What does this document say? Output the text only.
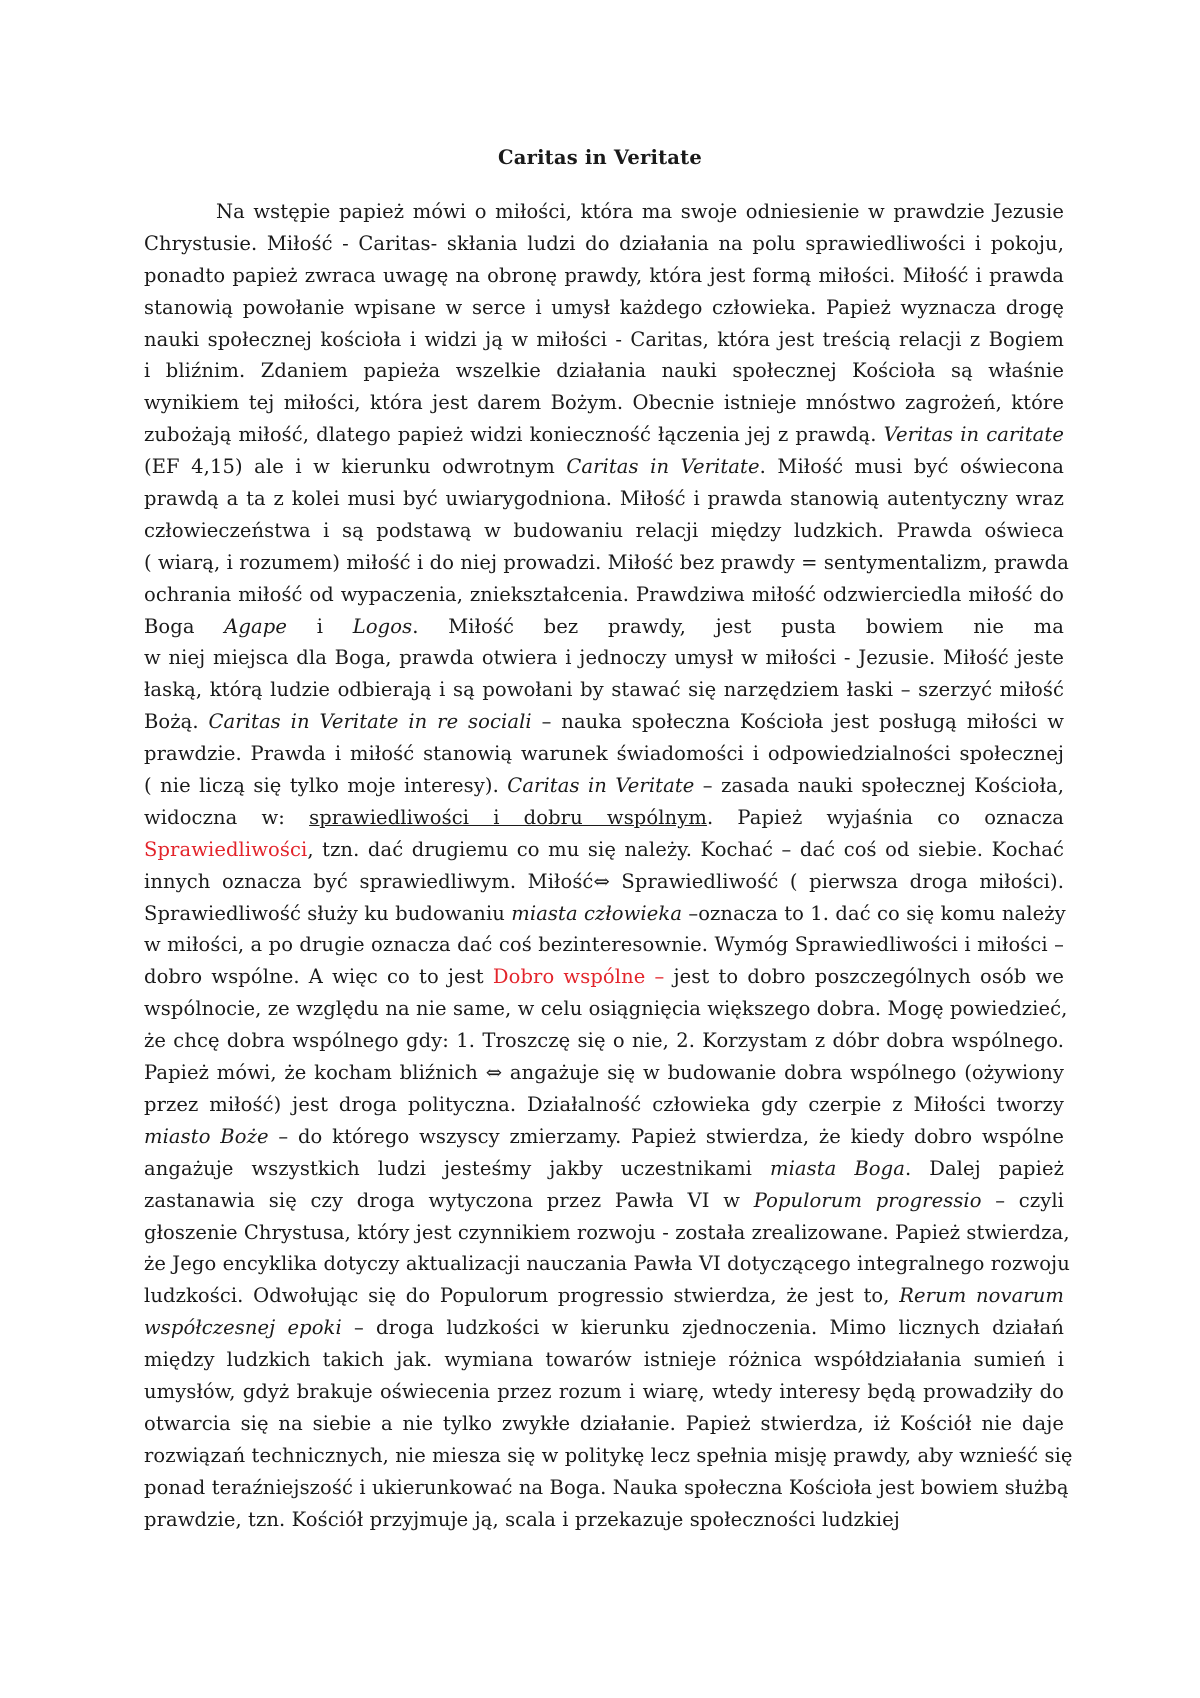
Caritas in Veritate
Na wstępie papież mówi o miłości, która ma swoje odniesienie w prawdzie Jezusie
Chrystusie. Miłość - Caritas- skłania ludzi do działania na polu sprawiedliwości i pokoju,
ponadto papież zwraca uwagę na obronę prawdy, która jest formą miłości. Miłość i prawda
stanowią powołanie wpisane w serce i umysł każdego człowieka. Papież wyznacza drogę
nauki społecznej kościoła i widzi ją w miłości - Caritas, która jest treścią relacji z Bogiem
i bliźnim. Zdaniem papieża wszelkie działania nauki społecznej Kościoła są właśnie
wynikiem tej miłości, która jest darem Bożym. Obecnie istnieje mnóstwo zagrożeń, które
zubożają miłość, dlatego papież widzi konieczność łączenia jej z prawdą. Veritas in caritate
(EF 4,15) ale i w kierunku odwrotnym Caritas in Veritate. Miłość musi być oświecona
prawdą a ta z kolei musi być uwiarygodniona. Miłość i prawda stanowią autentyczny wraz
człowieczeństwa i są podstawą w budowaniu relacji między ludzkich. Prawda oświeca
( wiarą, i rozumem) miłość i do niej prowadzi. Miłość bez prawdy = sentymentalizm, prawda
ochrania miłość od wypaczenia, zniekształcenia. Prawdziwa miłość odzwierciedla miłość do
Boga Agape i Logos. Miłość bez prawdy, jest pusta bowiem nie ma
w niej miejsca dla Boga, prawda otwiera i jednoczy umysł w miłości - Jezusie. Miłość jeste
łaską, którą ludzie odbierają i są powołani by stawać się narzędziem łaski – szerzyć miłość
Bożą. Caritas in Veritate in re sociali – nauka społeczna Kościoła jest posługą miłości w
prawdzie. Prawda i miłość stanowią warunek świadomości i odpowiedzialności społecznej
( nie liczą się tylko moje interesy). Caritas in Veritate – zasada nauki społecznej Kościoła,
widoczna w: sprawiedliwości i dobru wspólnym. Papież wyjaśnia co oznacza
Sprawiedliwości, tzn. dać drugiemu co mu się należy. Kochać – dać coś od siebie. Kochać
innych oznacza być sprawiedliwym. Miłość⇔ Sprawiedliwość ( pierwsza droga miłości).
Sprawiedliwość służy ku budowaniu miasta człowieka –oznacza to 1. dać co się komu należy
w miłości, a po drugie oznacza dać coś bezinteresownie. Wymóg Sprawiedliwości i miłości –
dobro wspólne. A więc co to jest Dobro wspólne – jest to dobro poszczególnych osób we
wspólnocie, ze względu na nie same, w celu osiągnięcia większego dobra. Mogę powiedzieć,
że chcę dobra wspólnego gdy: 1. Troszczę się o nie, 2. Korzystam z dóbr dobra wspólnego.
Papież mówi, że kocham bliźnich ⇔ angażuje się w budowanie dobra wspólnego (ożywiony
przez miłość) jest droga polityczna. Działalność człowieka gdy czerpie z Miłości tworzy
miasto Boże – do którego wszyscy zmierzamy. Papież stwierdza, że kiedy dobro wspólne
angażuje wszystkich ludzi jesteśmy jakby uczestnikami miasta Boga. Dalej papież
zastanawia się czy droga wytyczona przez Pawła VI w Populorum progressio – czyli
głoszenie Chrystusa, który jest czynnikiem rozwoju - została zrealizowane. Papież stwierdza,
że Jego encyklika dotyczy aktualizacji nauczania Pawła VI dotyczącego integralnego rozwoju
ludzkości. Odwołując się do Populorum progressio stwierdza, że jest to, Rerum novarum
współczesnej epoki – droga ludzkości w kierunku zjednoczenia. Mimo licznych działań
między ludzkich takich jak. wymiana towarów istnieje różnica współdziałania sumień i
umysłów, gdyż brakuje oświecenia przez rozum i wiarę, wtedy interesy będą prowadziły do
otwarcia się na siebie a nie tylko zwykłe działanie. Papież stwierdza, iż Kościół nie daje
rozwiązań technicznych, nie miesza się w politykę lecz spełnia misję prawdy, aby wznieść się
ponad teraźniejszość i ukierunkować na Boga. Nauka społeczna Kościoła jest bowiem służbą
prawdzie, tzn. Kościół przyjmuje ją, scala i przekazuje społeczności ludzkiej
